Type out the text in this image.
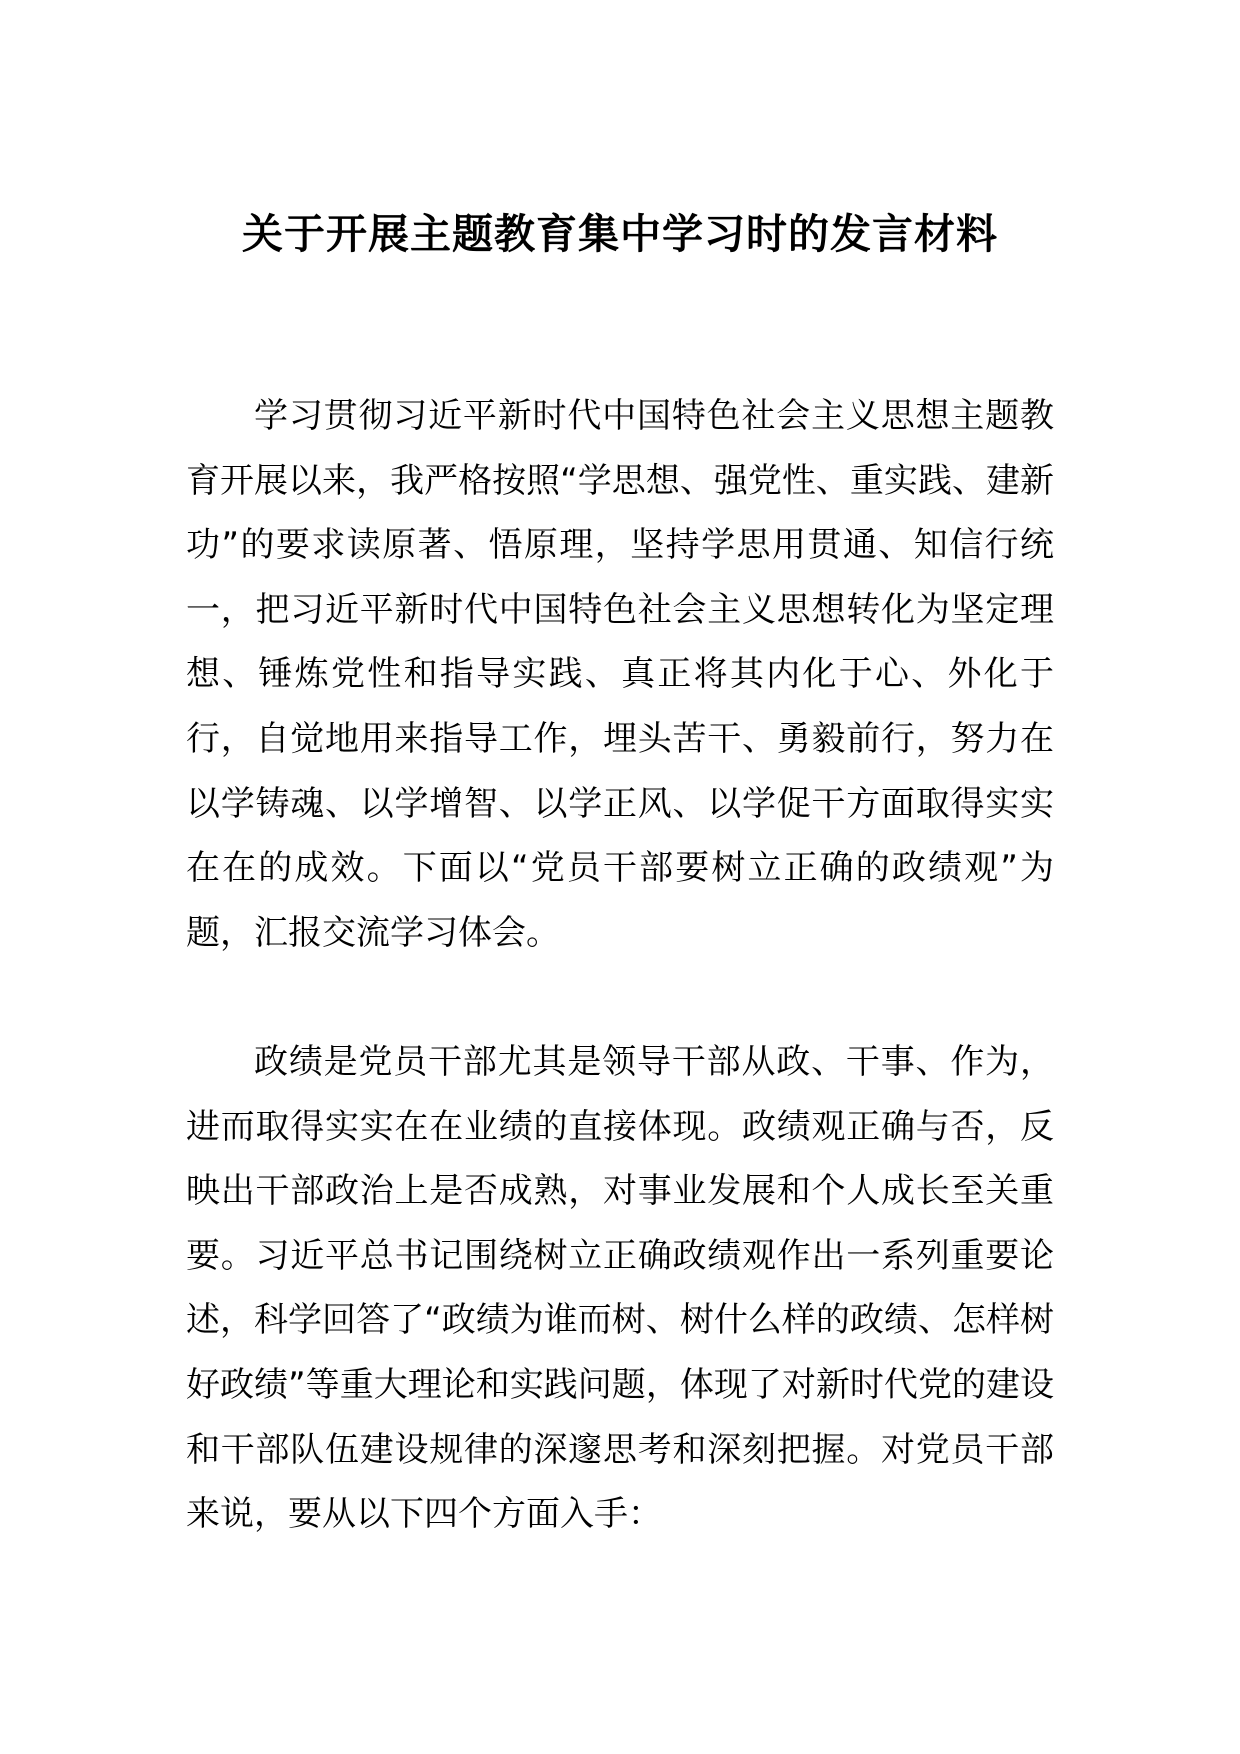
关于开展主题教育集中学习时的发言材料

学习贯彻习近平新时代中国特色社会主义思想主题教育开展以来，我严格按照“学思想、强党性、重实践、建新功”的要求读原著、悟原理，坚持学思用贯通、知信行统一，把习近平新时代中国特色社会主义思想转化为坚定理想、锤炼党性和指导实践、真正将其内化于心、外化于行，自觉地用来指导工作，埋头苦干、勇毅前行，努力在以学铸魂、以学增智、以学正风、以学促干方面取得实实在在的成效。下面以“党员干部要树立正确的政绩观”为题，汇报交流学习体会。

政绩是党员干部尤其是领导干部从政、干事、作为，进而取得实实在在业绩的直接体现。政绩观正确与否，反映出干部政治上是否成熟，对事业发展和个人成长至关重要。习近平总书记围绕树立正确政绩观作出一系列重要论述，科学回答了“政绩为谁而树、树什么样的政绩、怎样树好政绩”等重大理论和实践问题，体现了对新时代党的建设和干部队伍建设规律的深邃思考和深刻把握。对党员干部来说，要从以下四个方面入手：
